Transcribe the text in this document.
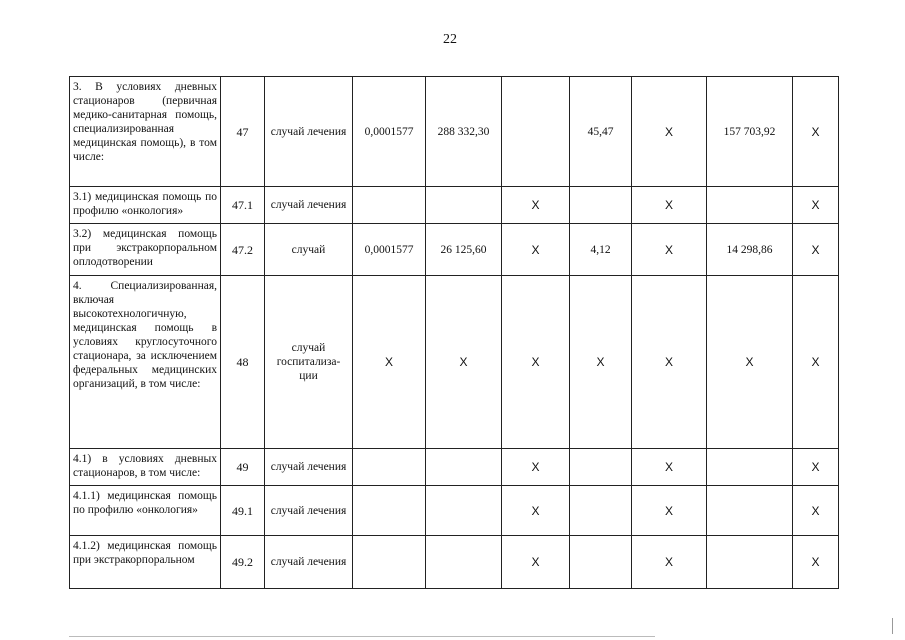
22
3. В условиях дневных стационаров (первичная медико-санитарная помощь, специализированная медицинская помощь), в том числе:	47	случай лечения	0,0001577	288 332,30		45,47	Х	157 703,92	Х
3.1) медицинская помощь по профилю «онкология»	47.1	случай лечения			Х		Х		Х
3.2) медицинская помощь при экстракорпоральном оплодотворении	47.2	случай	0,0001577	26 125,60	Х	4,12	Х	14 298,86	Х
4. Специализированная, включая высокотехнологичную, медицинская помощь в условиях круглосуточного стационара, за исключением федеральных медицинских организаций, в том числе:	48	случай госпитализа-ции	Х	Х	Х	Х	Х	Х	Х
4.1) в условиях дневных стационаров, в том числе:	49	случай лечения			Х		Х		Х
4.1.1) медицинская помощь по профилю «онкология»	49.1	случай лечения			Х		Х		Х
4.1.2) медицинская помощь при экстракорпоральном	49.2	случай лечения			Х		Х		Х
